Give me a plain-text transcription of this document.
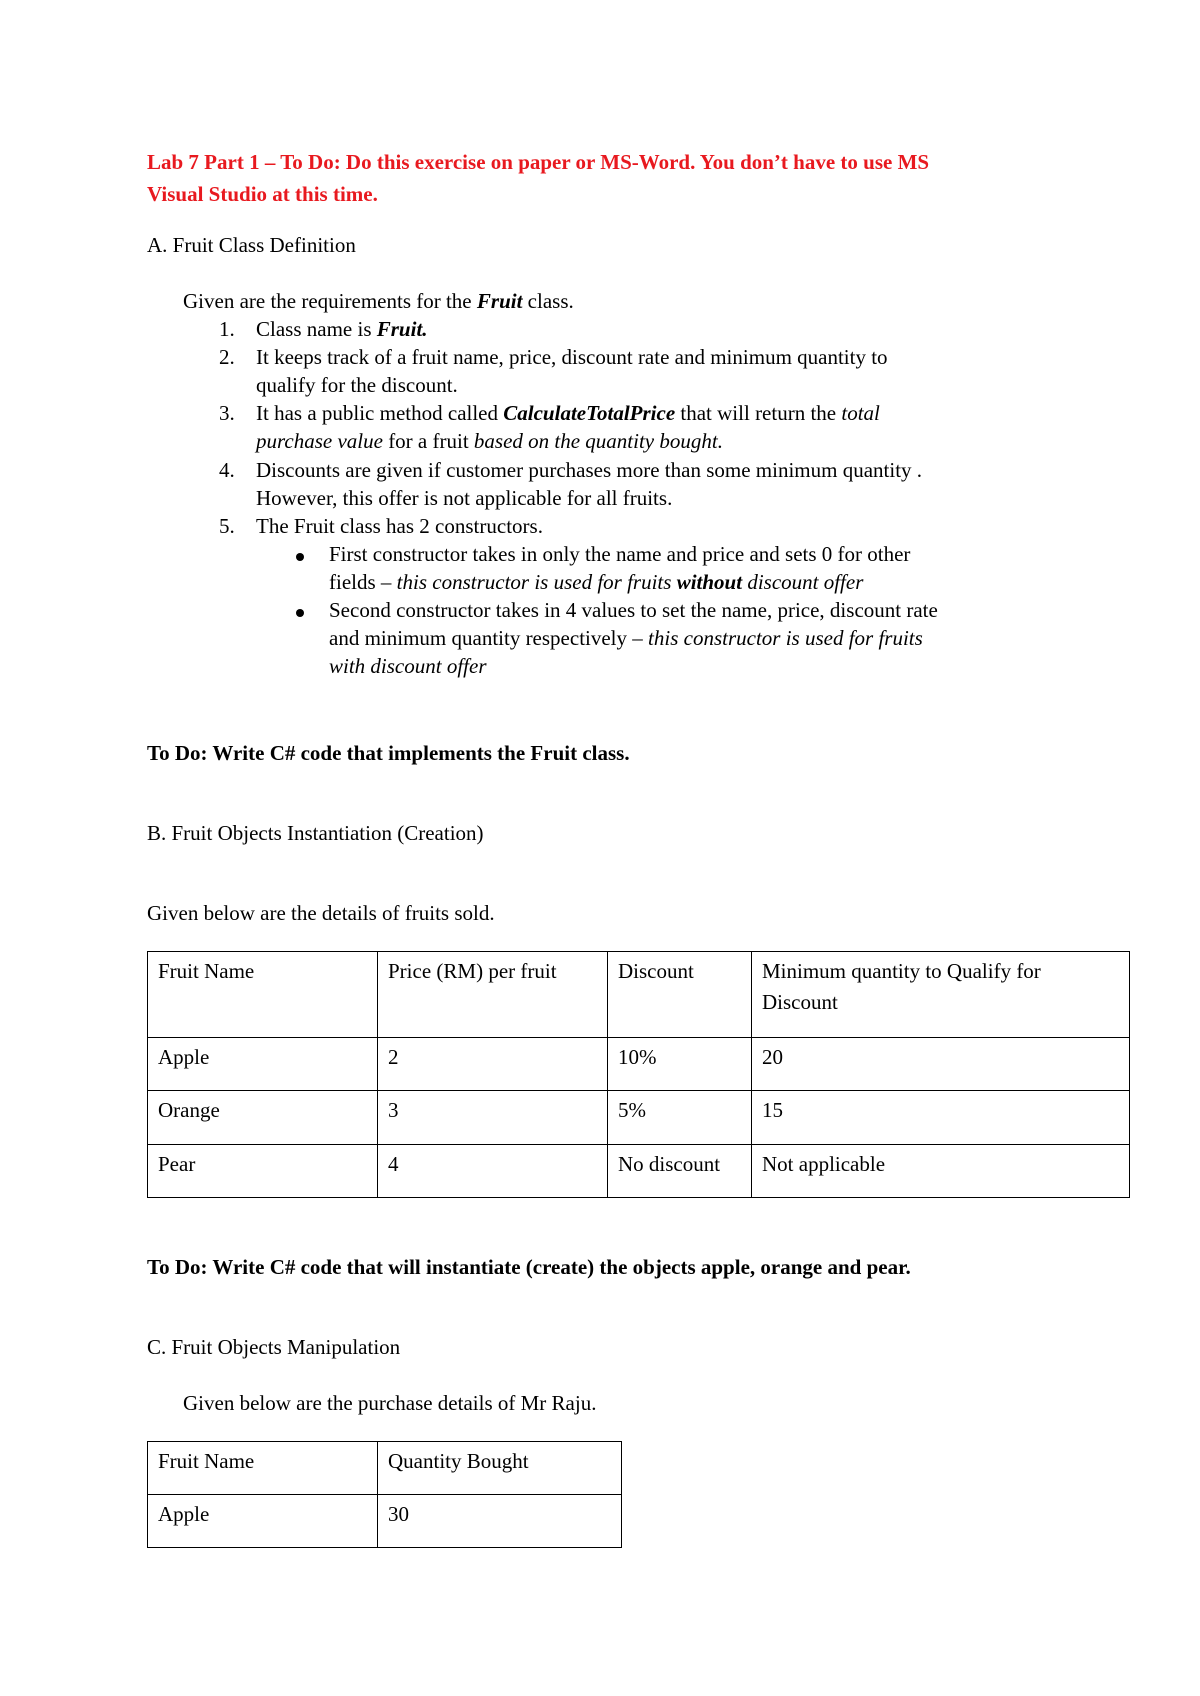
Lab 7 Part 1 – To Do: Do this exercise on paper or MS-Word. You don’t have to use MS
Visual Studio at this time.
A. Fruit Class Definition
Given are the requirements for the Fruit class.
1. Class name is Fruit.
2. It keeps track of a fruit name, price, discount rate and minimum quantity to
qualify for the discount.
3. It has a public method called CalculateTotalPrice that will return the total
purchase value for a fruit based on the quantity bought.
4. Discounts are given if customer purchases more than some minimum quantity .
However, this offer is not applicable for all fruits.
5. The Fruit class has 2 constructors.
First constructor takes in only the name and price and sets 0 for other
fields – this constructor is used for fruits without discount offer
Second constructor takes in 4 values to set the name, price, discount rate
and minimum quantity respectively – this constructor is used for fruits
with discount offer
To Do: Write C# code that implements the Fruit class.
B. Fruit Objects Instantiation (Creation)
Given below are the details of fruits sold.
Fruit Name	Price (RM) per fruit	Discount	Minimum quantity to Qualify for
Discount
Apple	2	10%	20
Orange	3	5%	15
Pear	4	No discount	Not applicable
To Do: Write C# code that will instantiate (create) the objects apple, orange and pear.
C. Fruit Objects Manipulation
Given below are the purchase details of Mr Raju.
Fruit Name	Quantity Bought
Apple	30
